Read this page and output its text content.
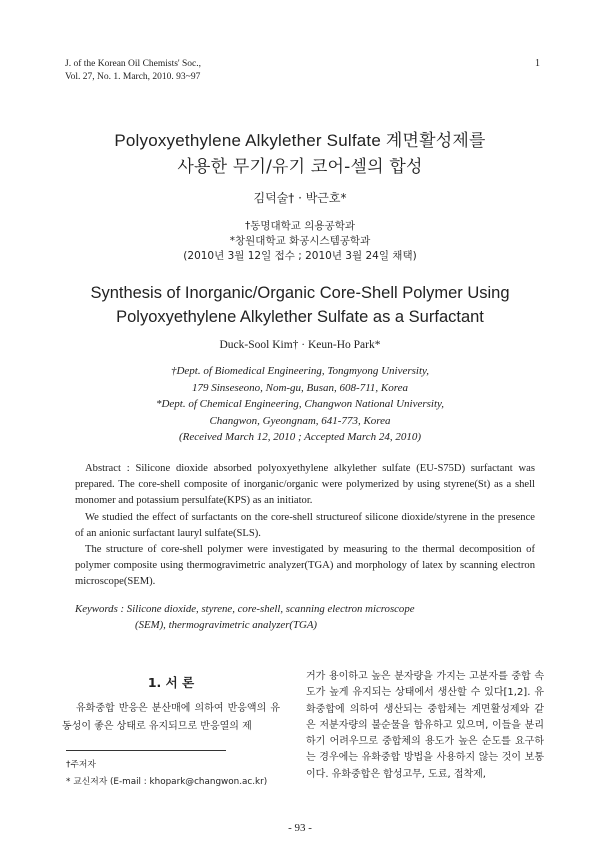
J. of the Korean Oil Chemists' Soc.,
Vol. 27, No. 1. March, 2010. 93~97
1
Polyoxyethylene Alkylether Sulfate 계면활성제를
사용한 무기/유기 코어-셀의 합성
김덕술† · 박근호*
†동명대학교 의용공학과
*창원대학교 화공시스템공학과
(2010년 3월 12일 접수 ; 2010년 3월 24일 채택)
Synthesis of Inorganic/Organic Core-Shell Polymer Using
Polyoxyethylene Alkylether Sulfate as a Surfactant
Duck-Sool Kim† · Keun-Ho Park*
†Dept. of Biomedical Engineering, Tongmyong University,
179 Sinseseono, Nom-gu, Busan, 608-711, Korea
*Dept. of Chemical Engineering, Changwon National University,
Changwon, Gyeongnam, 641-773, Korea
(Received March 12, 2010 ; Accepted March 24, 2010)

Abstract : Silicone dioxide absorbed polyoxyethylene alkylether sulfate (EU-S75D) surfactant was prepared. The core-shell composite of inorganic/organic were polymerized by using styrene(St) as a shell monomer and potassium persulfate(KPS) as an initiator.

We studied the effect of surfactants on the core-shell structureof silicone dioxide/styrene in the presence of an anionic surfactant lauryl sulfate(SLS).

The structure of core-shell polymer were investigated by measuring to the thermal decomposition of polymer composite using thermogravimetric analyzer(TGA) and morphology of latex by scanning electron microscope(SEM).

Keywords : Silicone dioxide, styrene, core-shell, scanning electron microscope
(SEM), thermogravimetric analyzer(TGA)
1. 서 론
유화중합 반응은 분산매에 의하여 반응액의 유동성이 좋은 상태로 유지되므로 반응열의 제
†주저자
* 교신저자 (E-mail : khopark@changwon.ac.kr)
거가 용이하고 높은 분자량을 가지는 고분자를 중합 속도가 높게 유지되는 상태에서 생산할 수 있다[1,2]. 유화중합에 의하여 생산되는 중합체는 계면활성제와 같은 저분자량의 불순물을 함유하고 있으며, 이들을 분리하기 어려우므로 중합체의 용도가 높은 순도를 요구하는 경우에는 유화중합 방법을 사용하지 않는 것이 보통이다. 유화중합은 합성고무, 도료, 접착제,
- 93 -
